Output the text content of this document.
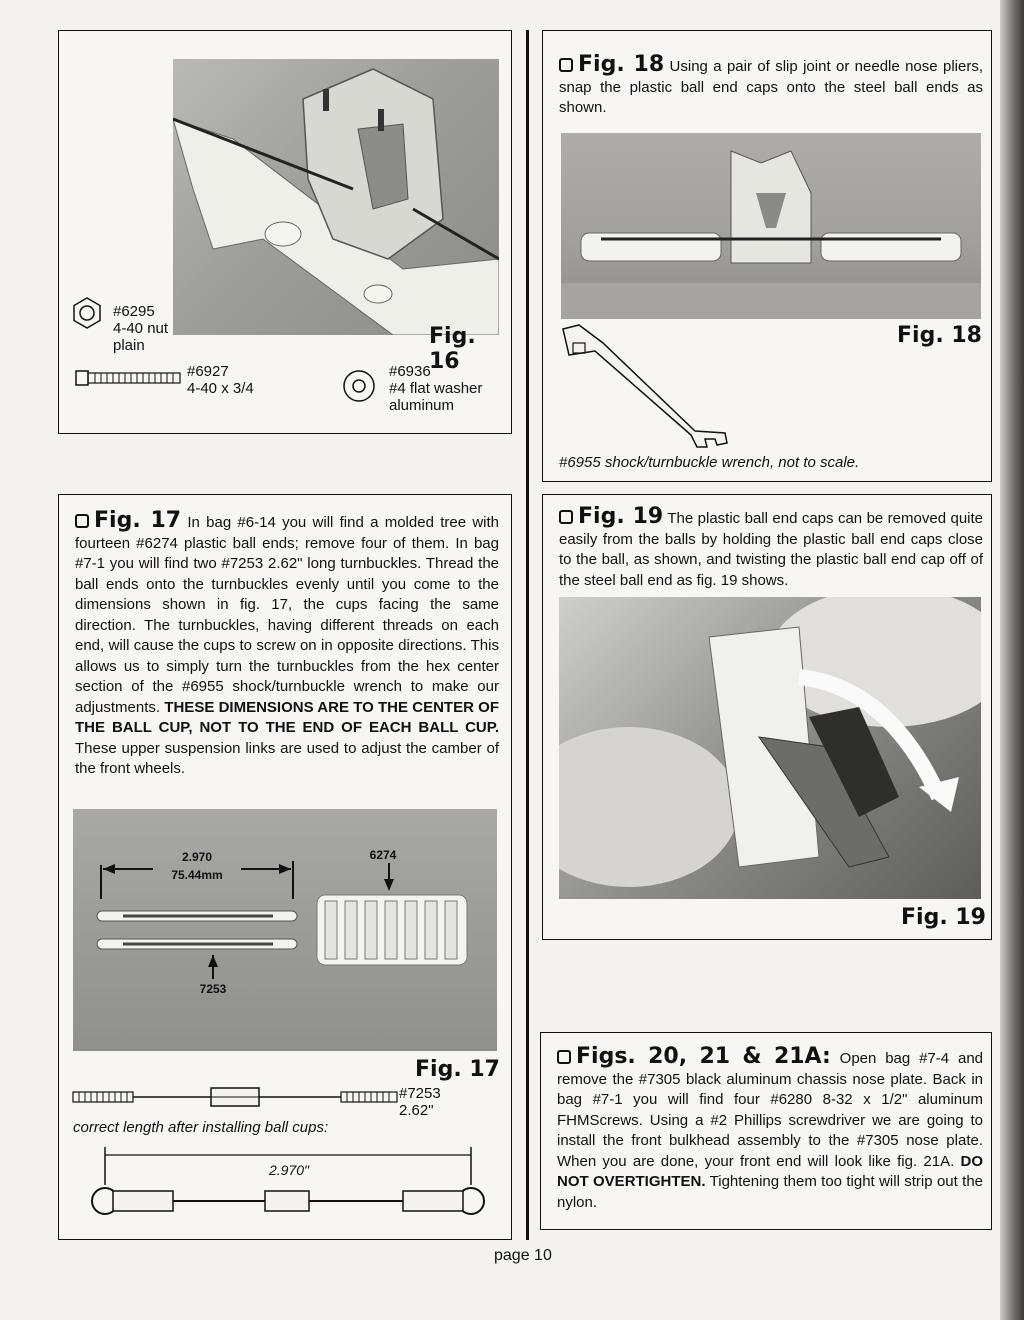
#6295
4-40 nut
plain	Fig. 16
#6927
4-40 x 3/4
#6936
#4 flat washer
aluminum
Fig. 18 Using a pair of slip joint or needle nose pliers, snap the plastic ball end caps onto the steel ball ends as shown.
Fig. 18
#6955 shock/turnbuckle wrench, not to scale.
Fig. 17 In bag #6-14 you will find a molded tree with fourteen #6274 plastic ball ends; remove four of them. In bag #7-1 you will find two #7253 2.62" long turnbuckles. Thread the ball ends onto the turnbuckles evenly until you come to the dimensions shown in fig. 17, the cups facing the same direction. The turnbuckles, having different threads on each end, will cause the cups to screw on in opposite directions. This allows us to simply turn the turnbuckles from the hex center section of the #6955 shock/turnbuckle wrench to make our adjustments. THESE DIMENSIONS ARE TO THE CENTER OF THE BALL CUP, NOT TO THE END OF EACH BALL CUP. These upper suspension links are used to adjust the camber of the front wheels.
2.970
75.44mm
7253
6274
Fig. 17
#7253
2.62"
correct length after installing ball cups:
2.970"
Fig. 19 The plastic ball end caps can be removed quite easily from the balls by holding the plastic ball end caps close to the ball, as shown, and twisting the plastic ball end cap off of the steel ball end as fig. 19 shows.
Fig. 19
Figs. 20, 21 & 21A: Open bag #7-4 and remove the #7305 black aluminum chassis nose plate. Back in bag #7-1 you will find four #6280 8-32 x 1/2" aluminum FHMScrews. Using a #2 Phillips screwdriver we are going to install the front bulkhead assembly to the #7305 nose plate. When you are done, your front end will look like fig. 21A. DO NOT OVERTIGHTEN. Tightening them too tight will strip out the nylon.
page 10
